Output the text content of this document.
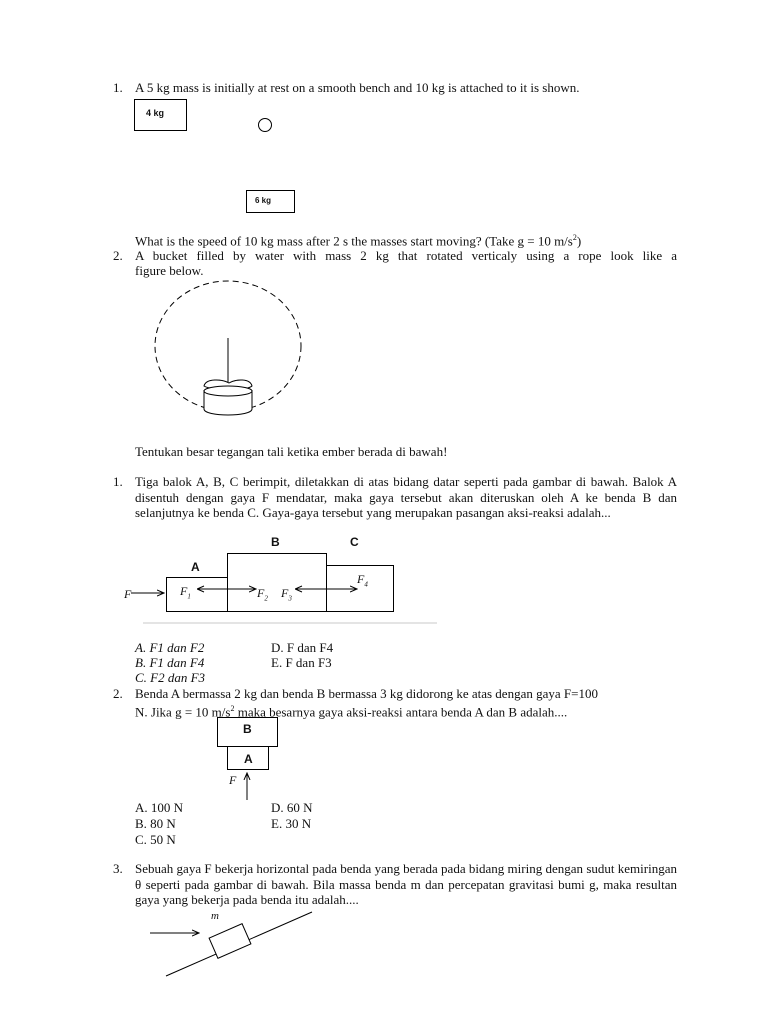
1. A 5 kg mass is initially at rest on a smooth bench and 10 kg is attached to it is shown.
4 kg
6 kg
What is the speed of 10 kg mass after 2 s the masses start moving? (Take g = 10 $m/s^2$)
2. A bucket filled by water with mass 2 kg that rotated verticaly using a rope look like a
figure below.
Tentukan besar tegangan tali ketika ember berada di bawah!
1. Tiga balok A, B, C berimpit, diletakkan di atas bidang datar seperti pada gambar di bawah. Balok A disentuh dengan gaya F mendatar, maka gaya tersebut akan diteruskan oleh A ke benda B dan selanjutnya ke benda C. Gaya-gaya tersebut yang merupakan pasangan aksi-reaksi adalah...
B	C
A
F	$F_1$	$F_2$ $F_3$
$F_4$
A. F1 dan F2
B. F1 dan F4
C. F2 dan F3
D. F dan F4
E. F dan F3
2. Benda A bermassa 2 kg dan benda B bermassa 3 kg didorong ke atas dengan gaya F=100
N. Jika g = 10 $m/s^2$ maka besarnya gaya aksi-reaksi antara benda A dan B adalah....
B
A
F
A. 100 N
B. 80 N
C. 50 N
D. 60 N
E. 30 N
3. Sebuah gaya F bekerja horizontal pada benda yang berada pada bidang miring dengan sudut kemiringan θ seperti pada gambar di bawah. Bila massa benda m dan percepatan gravitasi bumi g, maka resultan gaya yang bekerja pada benda itu adalah....
m
